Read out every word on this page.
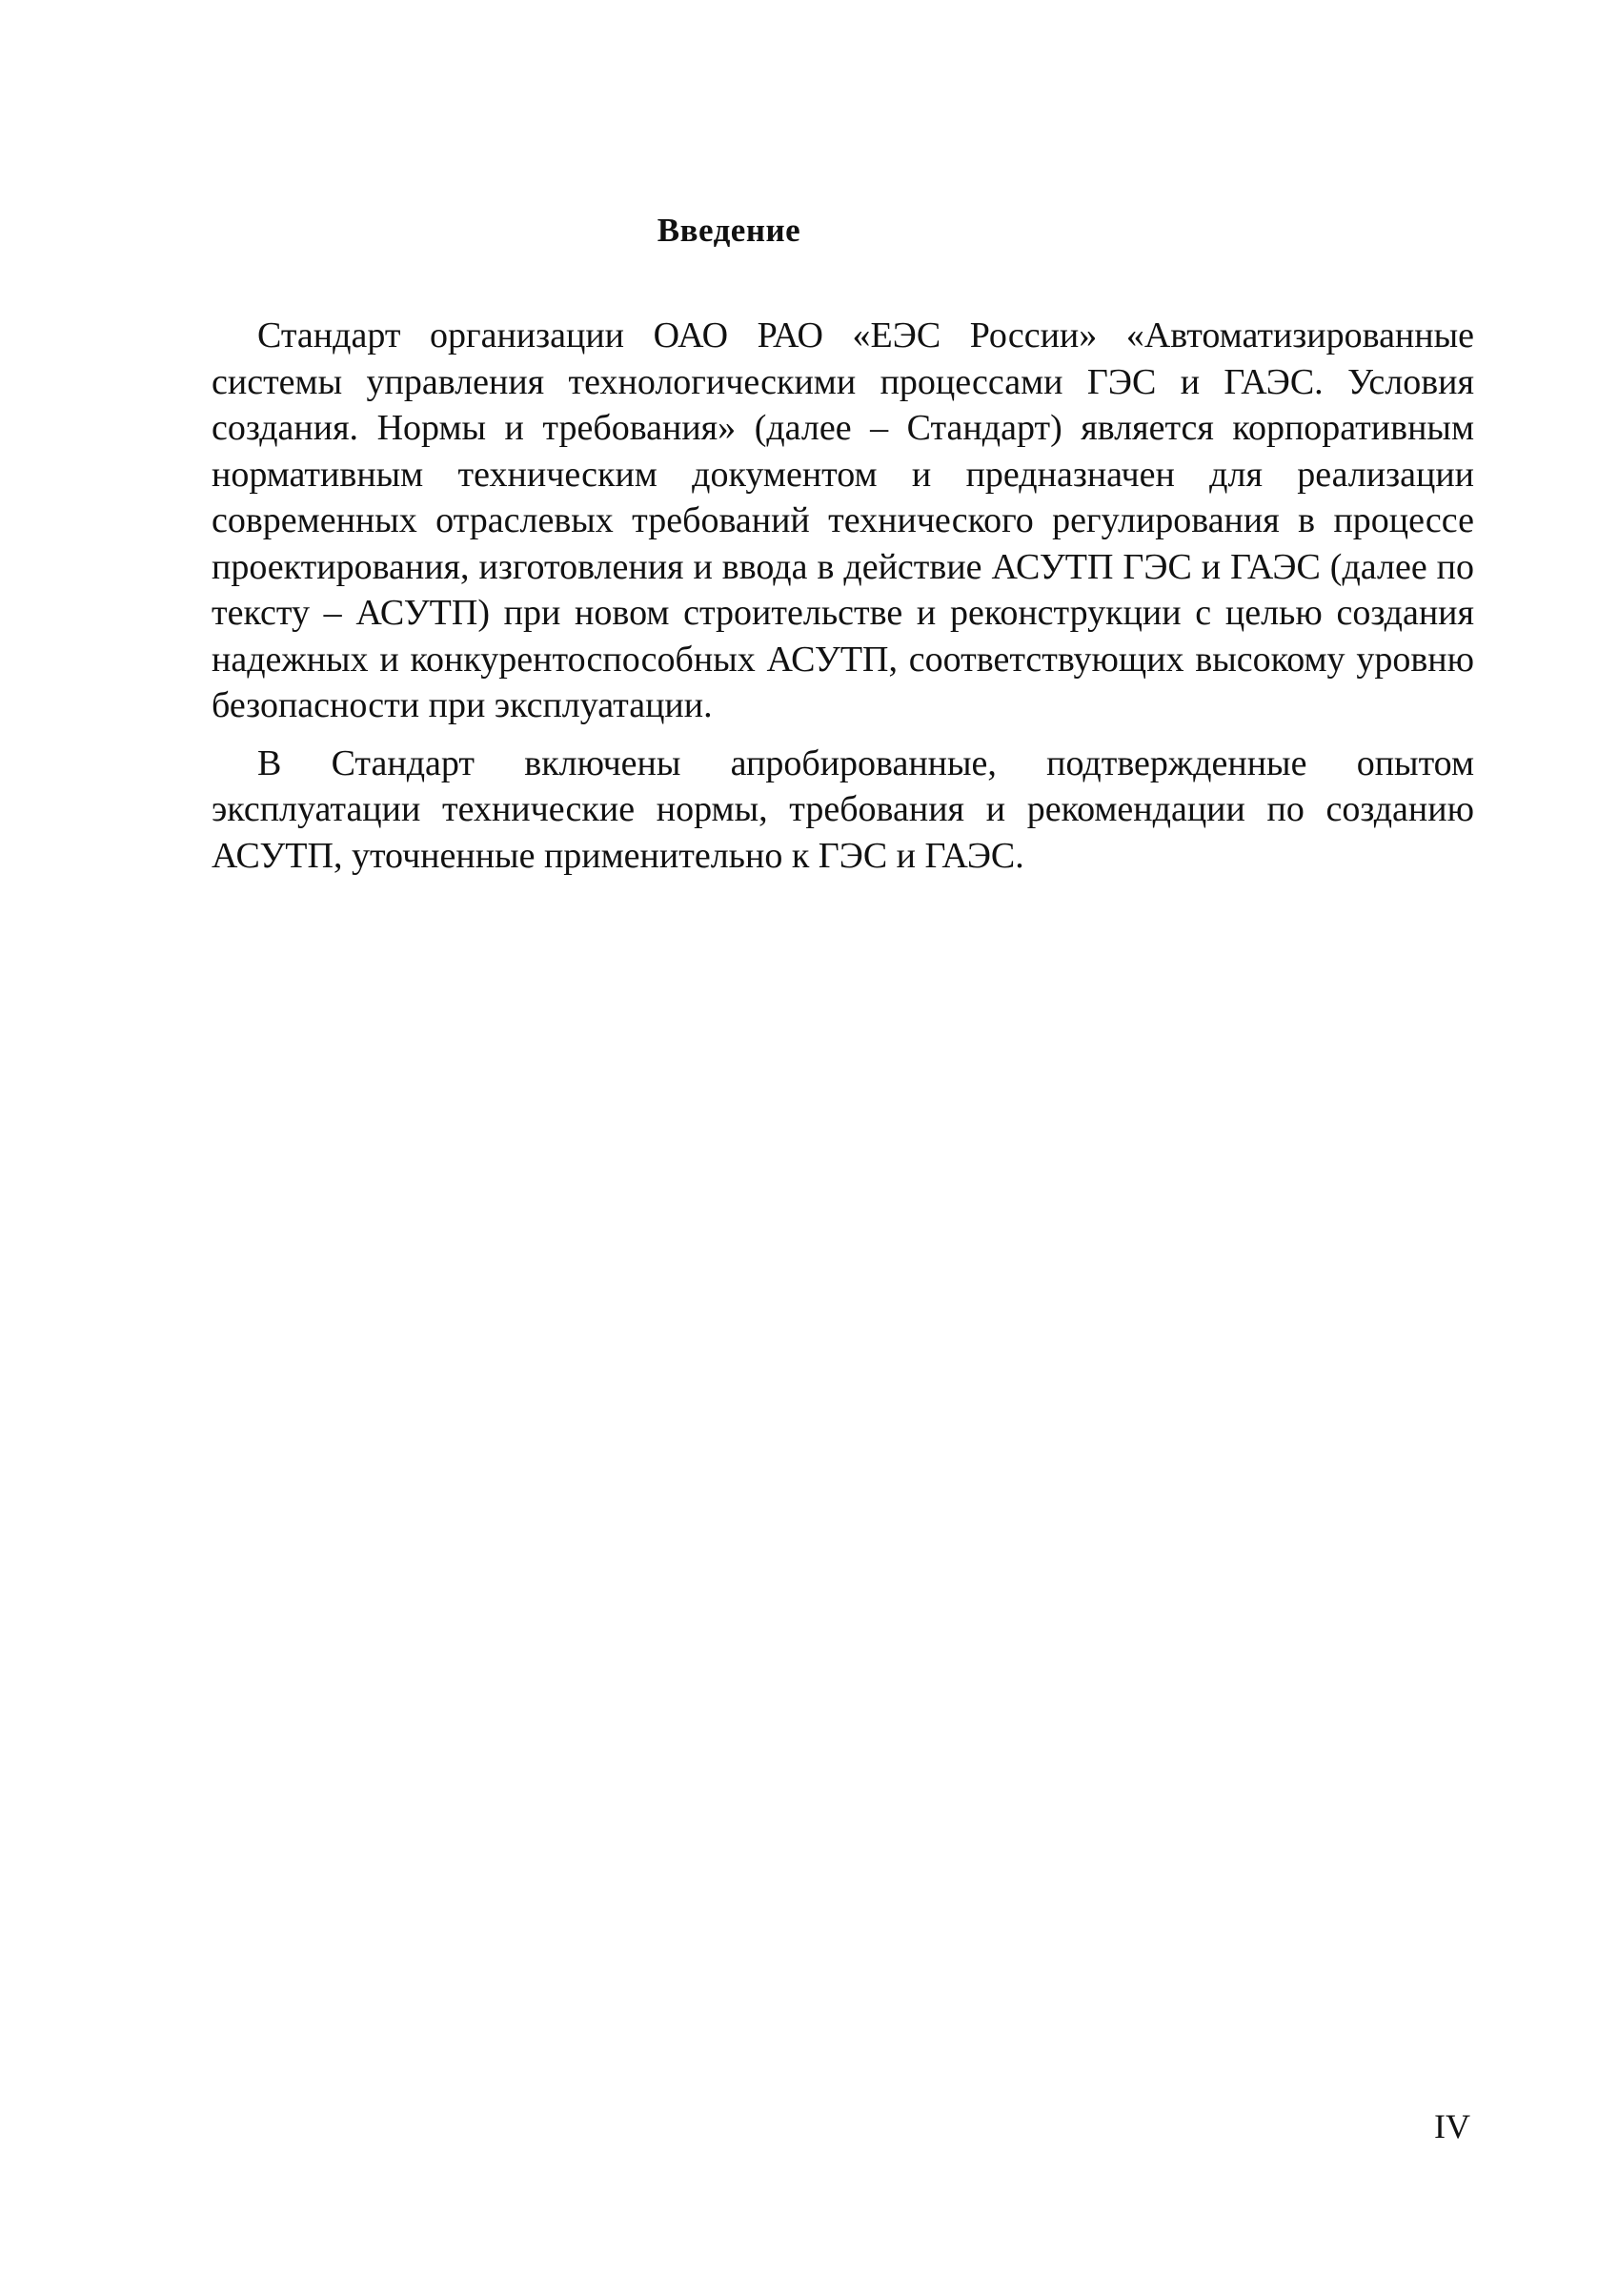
Введение

Стандарт организации ОАО РАО «ЕЭС России» «Автоматизированные системы управления технологическими процессами ГЭС и ГАЭС. Условия создания. Нормы и требования» (далее – Стандарт) является корпоративным нормативным техническим документом и предназначен для реализации современных отраслевых требований технического регулирования в процессе проектирования, изготовления и ввода в действие АСУТП ГЭС и ГАЭС (далее по тексту – АСУТП) при новом строительстве и реконструкции с целью создания надежных и конкурентоспособных АСУТП, соответствующих высокому уровню безопасности при эксплуатации.

В Стандарт включены апробированные, подтвержденные опытом эксплуатации технические нормы, требования и рекомендации по созданию АСУТП, уточненные применительно к ГЭС и ГАЭС.

IV
